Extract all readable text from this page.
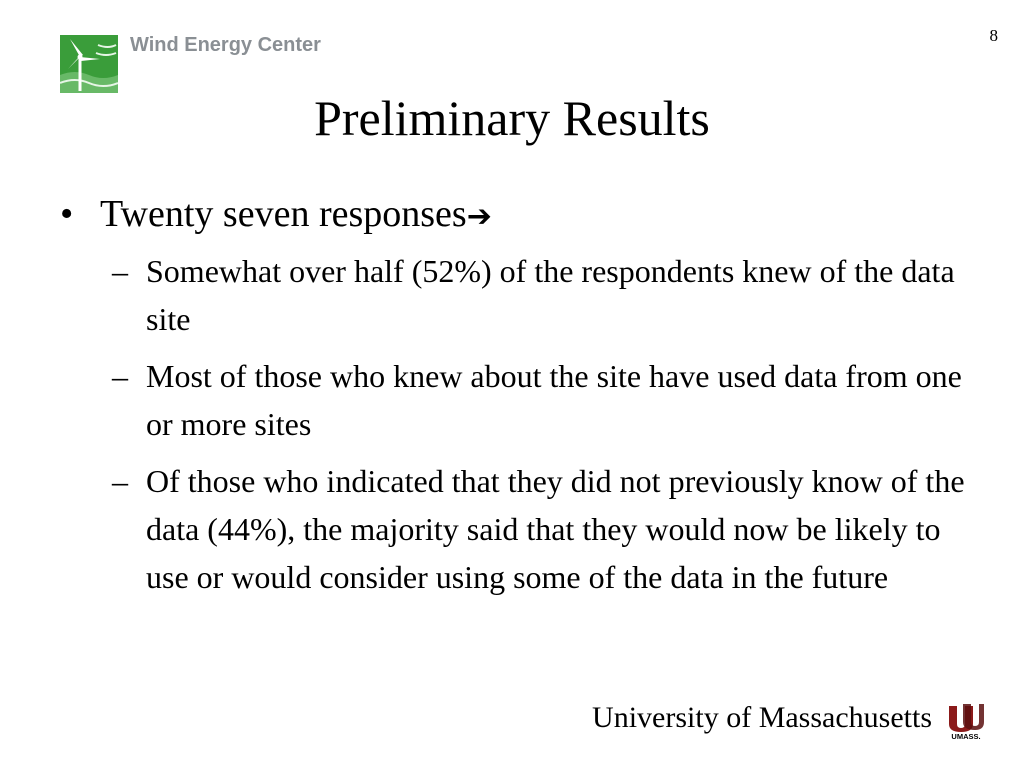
Wind Energy Center	8
Preliminary Results
• Twenty seven responses➔
– Somewhat over half (52%) of the respondents knew of the data site
– Most of those who knew about the site have used data from one or more sites
– Of those who indicated that they did not previously know of the data (44%), the majority said that they would now be likely to use or would consider using some of the data in the future
University of Massachusetts
UMASS.
